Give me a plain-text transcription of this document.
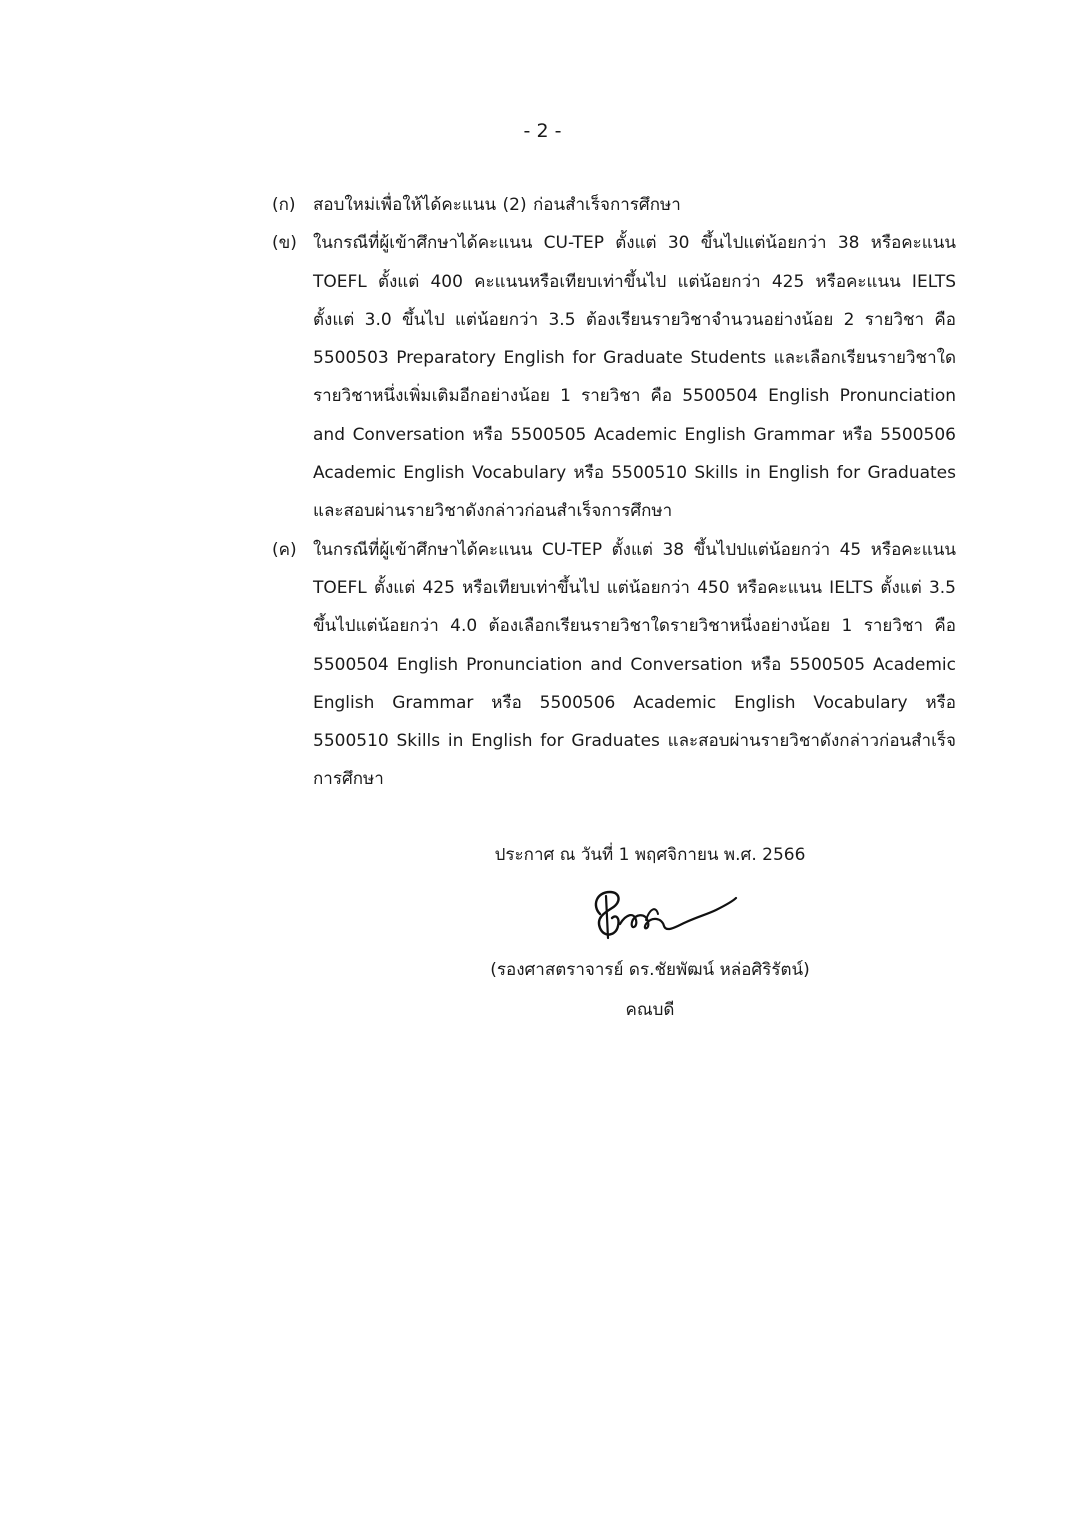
- 2 -
(ก)	สอบใหม่เพื่อให้ได้คะแนน (2) ก่อนสำเร็จการศึกษา
(ข) ในกรณีที่ผู้เข้าศึกษาได้คะแนน CU-TEP ตั้งแต่ 30 ขึ้นไปแต่น้อยกว่า 38 หรือคะแนน TOEFL ตั้งแต่ 400 คะแนนหรือเทียบเท่าขึ้นไป แต่น้อยกว่า 425 หรือคะแนน IELTS ตั้งแต่ 3.0 ขึ้นไป แต่น้อยกว่า 3.5 ต้องเรียนรายวิชาจำนวนอย่างน้อย 2 รายวิชา คือ 5500503 Preparatory English for Graduate Students และเลือกเรียนรายวิชาใดรายวิชาหนึ่งเพิ่มเติมอีกอย่างน้อย 1 รายวิชา คือ 5500504 English Pronunciation and Conversation หรือ 5500505 Academic English Grammar หรือ 5500506 Academic English Vocabulary หรือ 5500510 Skills in English for Graduates และสอบผ่านรายวิชาดังกล่าวก่อนสำเร็จการศึกษา
(ค) ในกรณีที่ผู้เข้าศึกษาได้คะแนน CU-TEP ตั้งแต่ 38 ขึ้นไปปแต่น้อยกว่า 45 หรือคะแนน TOEFL ตั้งแต่ 425 หรือเทียบเท่าขึ้นไป แต่น้อยกว่า 450 หรือคะแนน IELTS ตั้งแต่ 3.5 ขึ้นไปแต่น้อยกว่า 4.0 ต้องเลือกเรียนรายวิชาใดรายวิชาหนึ่งอย่างน้อย 1 รายวิชา คือ 5500504 English Pronunciation and Conversation หรือ 5500505 Academic English Grammar หรือ 5500506 Academic English Vocabulary หรือ 5500510 Skills in English for Graduates และสอบผ่านรายวิชาดังกล่าวก่อนสำเร็จการศึกษา
ประกาศ ณ วันที่ 1 พฤศจิกายน พ.ศ. 2566
(รองศาสตราจารย์ ดร.ชัยพัฒน์ หล่อศิริรัตน์)
คณบดี
